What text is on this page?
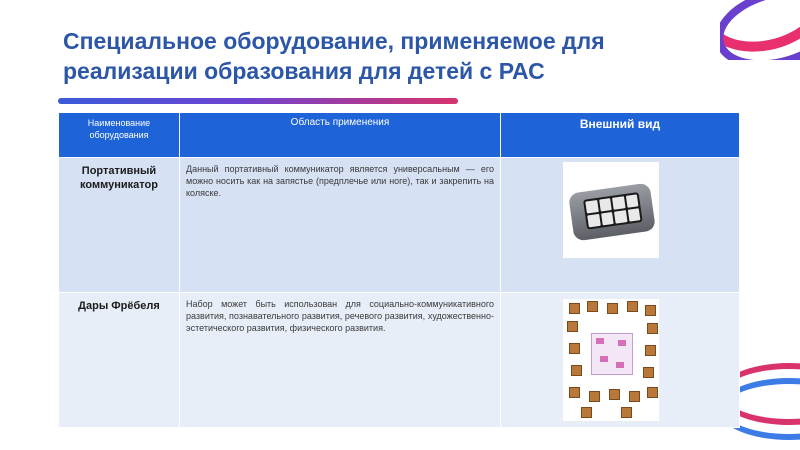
Специальное оборудование, применяемое для реализации образования для детей с РАС
Наименование оборудования	Область применения	Внешний вид
Портативный коммуникатор	Данный портативный коммуникатор является универсальным — его можно носить как на запястье (предплечье или ноге), так и закрепить на коляске.	

Дары Фрёбеля	Набор может быть использован для социально-коммуникативного развития, познавательного развития, речевого развития, художественно-эстетического развития, физического развития.	
